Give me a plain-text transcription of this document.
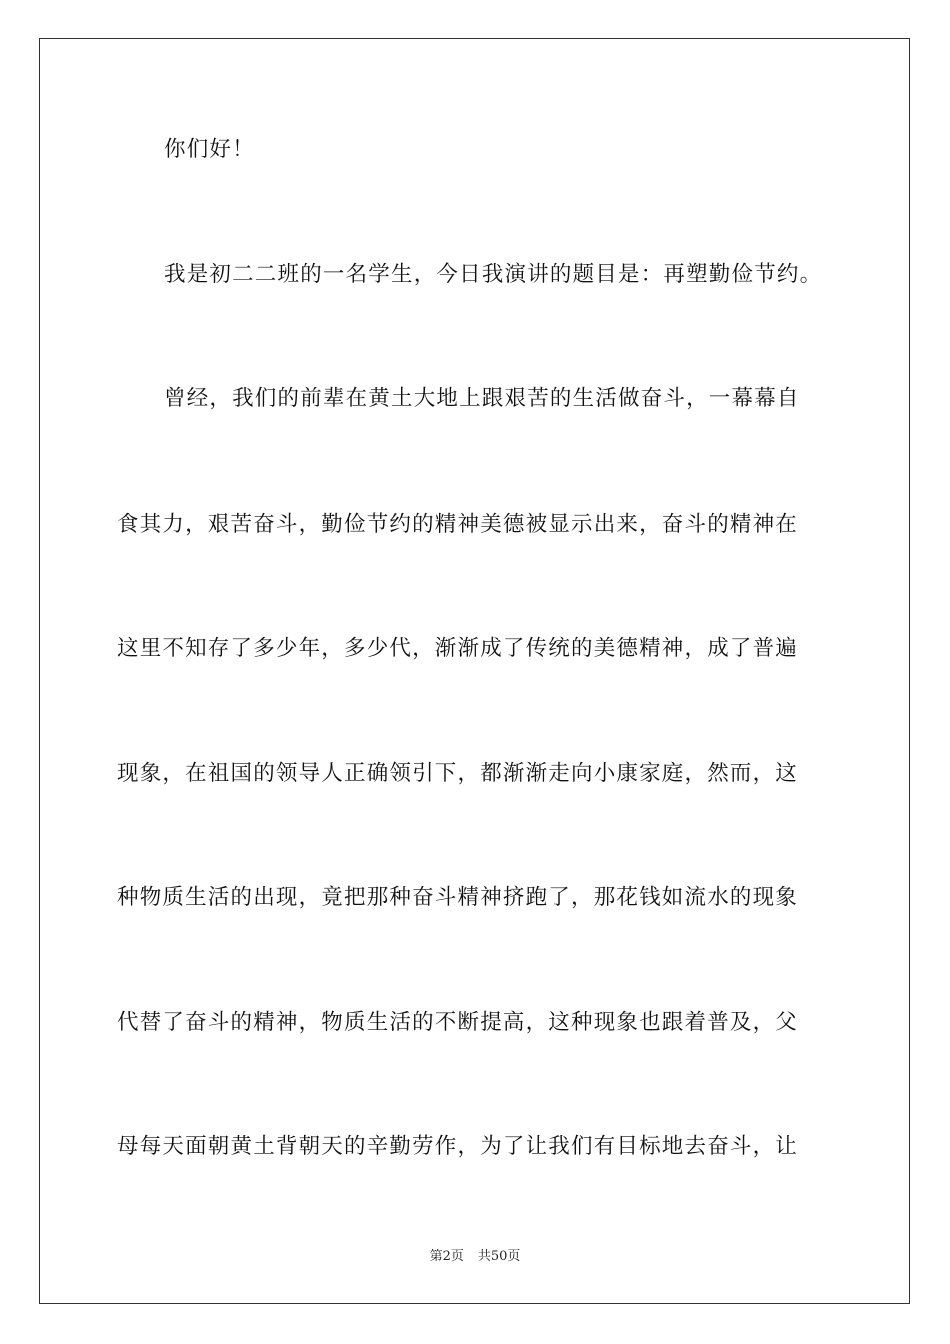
你们好！
我是初二二班的一名学生，今日我演讲的题目是：再塑勤俭节约。
曾经，我们的前辈在黄土大地上跟艰苦的生活做奋斗，一幕幕自
食其力，艰苦奋斗，勤俭节约的精神美德被显示出来，奋斗的精神在
这里不知存了多少年，多少代，渐渐成了传统的美德精神，成了普遍
现象，在祖国的领导人正确领引下，都渐渐走向小康家庭，然而，这
种物质生活的出现，竟把那种奋斗精神挤跑了，那花钱如流水的现象
代替了奋斗的精神，物质生活的不断提高，这种现象也跟着普及，父
母每天面朝黄土背朝天的辛勤劳作，为了让我们有目标地去奋斗，让
第2页 共50页
